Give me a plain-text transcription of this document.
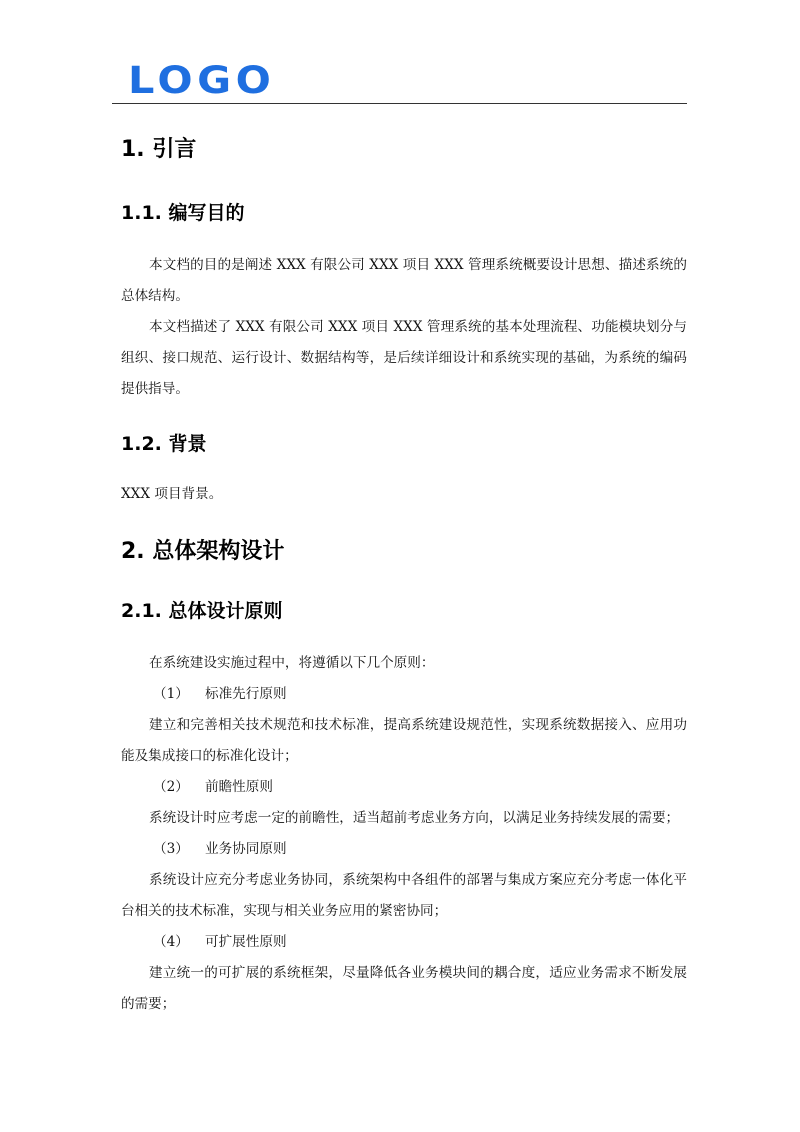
LOGO
1. 引言
1.1. 编写目的

本文档的目的是阐述 XXX 有限公司 XXX 项目 XXX 管理系统概要设计思想、描述系统的总体结构。

本文档描述了 XXX 有限公司 XXX 项目 XXX 管理系统的基本处理流程、功能模块划分与组织、接口规范、运行设计、数据结构等，是后续详细设计和系统实现的基础，为系统的编码提供指导。

1.2. 背景

XXX 项目背景。

2. 总体架构设计
2.1. 总体设计原则

在系统建设实施过程中，将遵循以下几个原则：

（1） 标准先行原则

建立和完善相关技术规范和技术标准，提高系统建设规范性，实现系统数据接入、应用功能及集成接口的标准化设计；

（2） 前瞻性原则

系统设计时应考虑一定的前瞻性，适当超前考虑业务方向，以满足业务持续发展的需要；

（3） 业务协同原则

系统设计应充分考虑业务协同，系统架构中各组件的部署与集成方案应充分考虑一体化平台相关的技术标准，实现与相关业务应用的紧密协同；

（4） 可扩展性原则

建立统一的可扩展的系统框架，尽量降低各业务模块间的耦合度，适应业务需求不断发展的需要；
